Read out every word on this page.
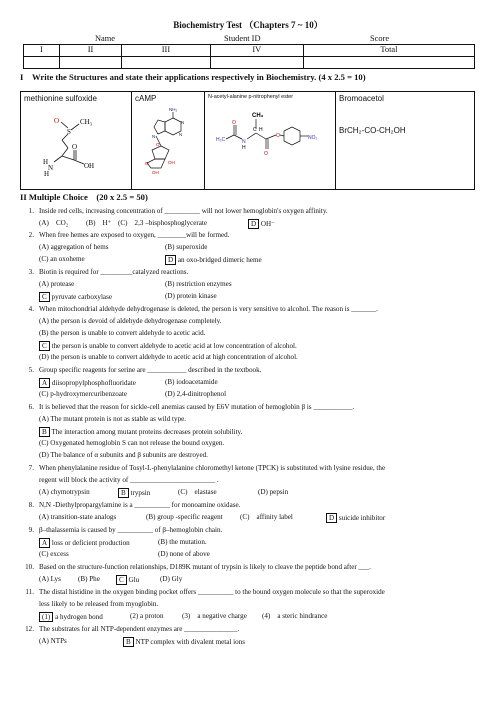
Biochemistry Test （Chapters 7 ~ 10）
Name	Student ID	Score
I	II	III	IV	Total

I Write the Structures and state their applications respectively in Biochemistry. (4 x 2.5 = 10)
methionine sulfoxide
O
S
CH₃
O
H
N
H
OH

cAMP
NH₂
N
N
N
O
O
OH
OH

N-acetyl-alanine p-nitrophenyl ester
CH₃
H₃C
O
N
H
C H
O
O	NO₂

Bromoacetol
BrCH₂-CO-CH₂OH
II Multiple Choice (20 x 2.5 = 50)
1. Inside red cells, increasing concentration of __________ will not lower hemoglobin's oxygen affinity.
(A) CO₂ (B) H⁺ (C) 2,3 –bisphosphoglycerate	D OH⁻
2. When free hemes are exposed to oxygen, ________will be formed.
(A) aggregation of hems	(B) superoxide
(C) an oxoheme	D an oxo-bridged dimeric heme
3. Biotin is required for _________catalyzed reactions.
(A) protease	(B) restriction enzymes
C pyruvate carboxylase	(D) protein kinase
4. When mitochondrial aldehyde dehydrogenase is deleted, the person is very sensitive to alcohol. The reason is _______.
(A) the person is devoid of aldehyde dehydrogenase completely.
(B) the person is unable to convert aldehyde to acetic acid.
C the person is unable to convert aldehyde to acetic acid at low concentration of alcohol.
(D) the person is unable to convert aldehyde to acetic acid at high concentration of alcohol.
5. Group specific reagents for serine are ___________ described in the textbook.
A diisopropylphosphofluoridate	(B) iodoacetamide
(C) p-hydroxymercuribenzoate	(D) 2,4-dinitrophenol
6. It is believed that the reason for sickle-cell anemias caused by E6V mutation of hemoglobin β is ___________.
(A) The mutant protein is not as stable as wild type.
B The interaction among mutant proteins decreases protein solubility.
(C) Oxygenated hemoglobin S can not release the bound oxygen.
(D) The balance of α subunits and β subunits are destroyed.
7. When phenylalanine residue of Tosyl-L-phenylalanine chloromethyl ketone (TPCK) is substituted with lysine residue, the
regent will block the activity of ________________________ .
(A) chymotrypsin	B trypsin	(C) elastase	(D) pepsin
8. N,N -Diethylpropargylamine is a __________ for monoamine oxidase.
(A) transition-state analogs	(B) group -specific reagent (C) affinity label	D suicide inhibitor
9. β–thalassemia is caused by __________ of β–hemoglobin chain.
A loss or deficient production	(B) the mutation.
(C) excess	(D) none of above
10. Based on the structure-function relationships, D189K mutant of trypsin is likely to cleave the peptide bond after ___.
(A) Lys (B) Phe	C Glu	(D) Gly
11. The distal histidine in the oxygen binding pocket offers __________ to the bound oxygen molecule so that the superoxide
less likely to be released from myoglobin.
(1) a hydrogen bond	(2) a proton	(3) a negative charge (4) a steric hindrance
12. The substrates for all NTP-dependent enzymes are _______________.
(A) NTPs	B NTP complex with divalent metal ions
